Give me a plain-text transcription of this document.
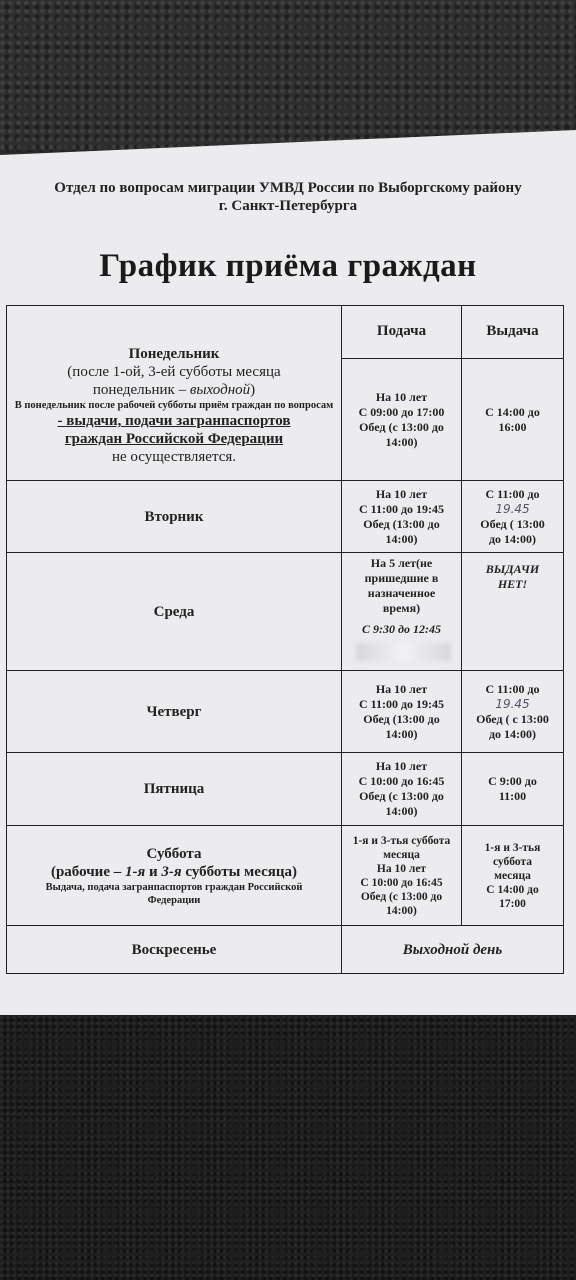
Отдел по вопросам миграции УМВД России по Выборгскому району
г. Санкт-Петербурга
График приёма граждан
Подача	Выдача
Понедельник
(после 1-ой, 3-ей субботы месяца
понедельник – выходной)
В понедельник после рабочей субботы приём граждан по вопросам
- выдачи, подачи загранпаспортов
граждан Российской Федерации
не осуществляется.
На 10 лет
С 09:00 до 17:00
Обед (с 13:00 до
14:00)
С 14:00 до
16:00
Вторник
На 10 лет
С 11:00 до 19:45
Обед (13:00 до
14:00)
С 11:00 до
19.45
Обед ( 13:00
до 14:00)
Среда
На 5 лет(не
пришедшие в
назначенное
время)
С 9:30 до 12:45
ВЫДАЧИ
НЕТ!
Четверг
На 10 лет
С 11:00 до 19:45
Обед (13:00 до
14:00)
С 11:00 до
19.45
Обед ( с 13:00
до 14:00)
Пятница
На 10 лет
С 10:00 до 16:45
Обед (с 13:00 до
14:00)
С 9:00 до
11:00
Суббота
(рабочие – 1-я и 3-я субботы месяца)
Выдача, подача загранпаспортов граждан Российской
Федерации
1-я и 3-тья суббота
месяца
На 10 лет
С 10:00 до 16:45
Обед (с 13:00 до
14:00)
1-я и 3-тья
суббота
месяца
С 14:00 до
17:00
Воскресенье	Выходной день
